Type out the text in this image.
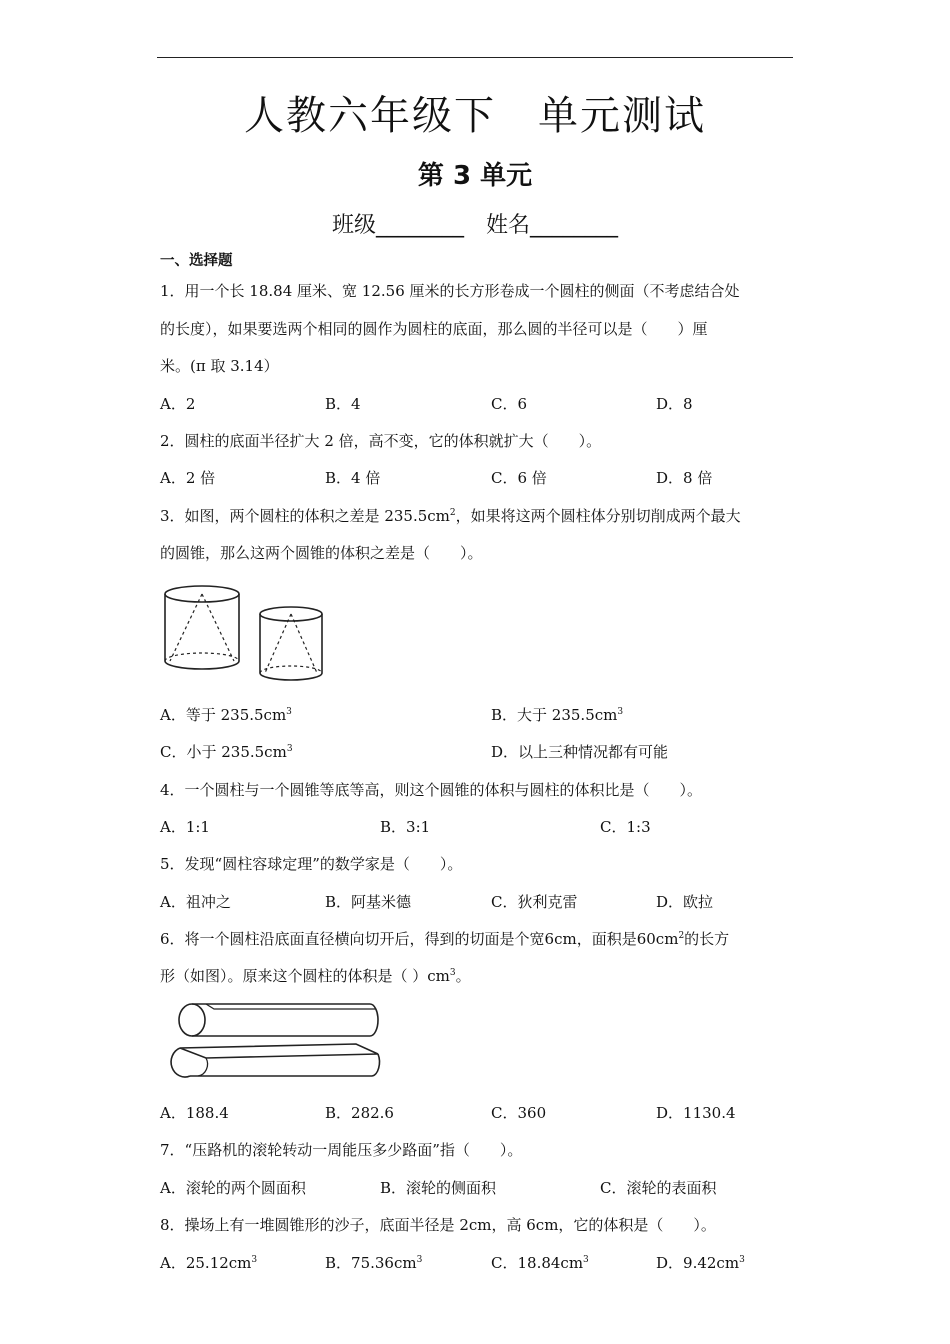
人教六年级下　单元测试
第 3 单元
班级________ 姓名________
一、选择题
1．用一个长 18.84 厘米、宽 12.56 厘米的长方形卷成一个圆柱的侧面（不考虑结合处
的长度），如果要选两个相同的圆作为圆柱的底面，那么圆的半径可以是（　　）厘
米。(π 取 3.14）
A．2	B．4	C．6	D．8
2．圆柱的底面半径扩大 2 倍，高不变，它的体积就扩大（　　）。
A．2 倍	B．4 倍	C．6 倍	D．8 倍
3．如图，两个圆柱的体积之差是 $235.5cm^2$，如果将这两个圆柱体分别切削成两个最大
的圆锥，那么这两个圆锥的体积之差是（　　）。
A．等于 $235.5cm^3$	B．大于 $235.5cm^3$
C．小于 $235.5cm^3$	D．以上三种情况都有可能
4．一个圆柱与一个圆锥等底等高，则这个圆锥的体积与圆柱的体积比是（　　）。
A．1:1	B．3:1	C．1:3
5．发现“圆柱容球定理”的数学家是（　　）。
A．祖冲之	B．阿基米德	C．狄利克雷	D．欧拉
6．将一个圆柱沿底面直径横向切开后，得到的切面是个宽6cm，面积是$60cm^2$的长方
形（如图）。原来这个圆柱的体积是（ ）$cm^3$。
A．188.4	B．282.6	C．360	D．1130.4
7．“压路机的滚轮转动一周能压多少路面”指（　　）。
A．滚轮的两个圆面积	B．滚轮的侧面积	C．滚轮的表面积
8．操场上有一堆圆锥形的沙子，底面半径是 2cm，高 6cm，它的体积是（　　）。
A．$25.12cm^3$	B．$75.36cm^3$	C．$18.84cm^3$	D．$9.42cm^3$
